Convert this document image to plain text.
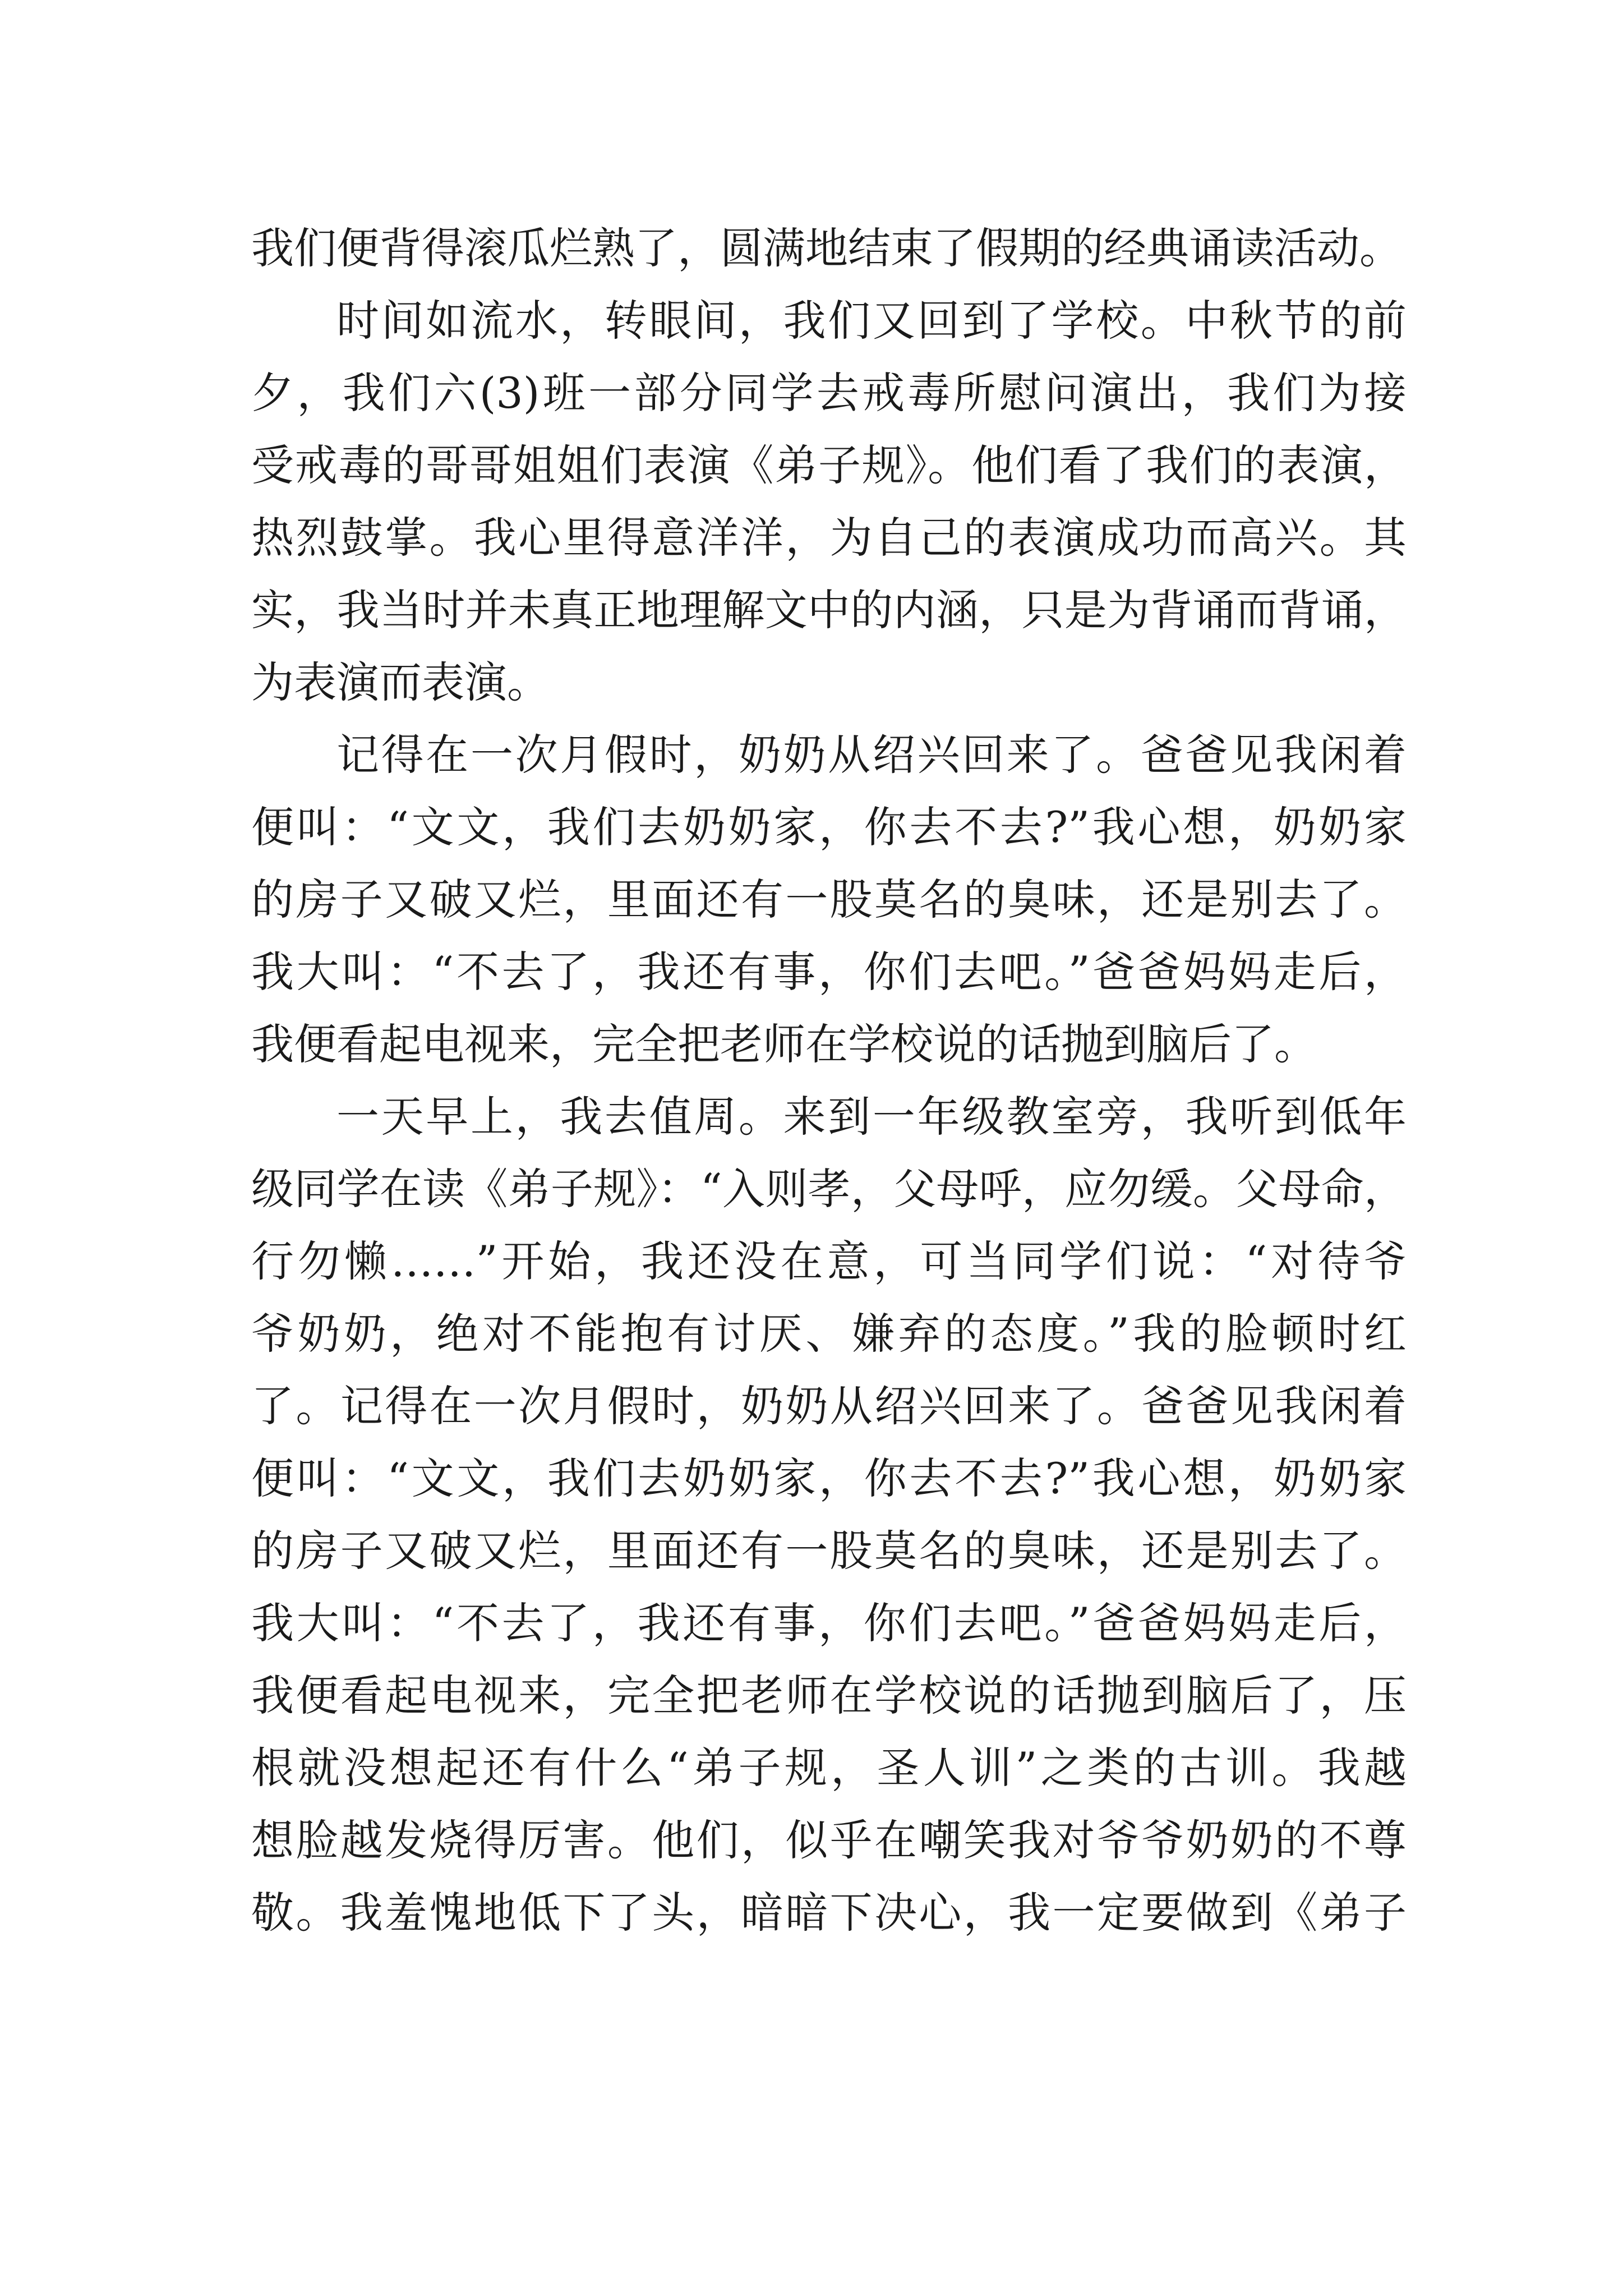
我们便背得滚瓜烂熟了，圆满地结束了假期的经典诵读活动。
时间如流水，转眼间，我们又回到了学校。中秋节的前
夕，我们六(3)班一部分同学去戒毒所慰问演出，我们为接
受戒毒的哥哥姐姐们表演《弟子规》。他们看了我们的表演，
热烈鼓掌。我心里得意洋洋，为自己的表演成功而高兴。其
实，我当时并未真正地理解文中的内涵，只是为背诵而背诵，
为表演而表演。
记得在一次月假时，奶奶从绍兴回来了。爸爸见我闲着
便叫：“文文，我们去奶奶家，你去不去?”我心想，奶奶家
的房子又破又烂，里面还有一股莫名的臭味，还是别去了。
我大叫：“不去了，我还有事，你们去吧。”爸爸妈妈走后，
我便看起电视来，完全把老师在学校说的话抛到脑后了。
一天早上，我去值周。来到一年级教室旁，我听到低年
级同学在读《弟子规》：“入则孝，父母呼，应勿缓。父母命，
行勿懒……”开始，我还没在意，可当同学们说：“对待爷
爷奶奶，绝对不能抱有讨厌、嫌弃的态度。”我的脸顿时红
了。记得在一次月假时，奶奶从绍兴回来了。爸爸见我闲着
便叫：“文文，我们去奶奶家，你去不去?”我心想，奶奶家
的房子又破又烂，里面还有一股莫名的臭味，还是别去了。
我大叫：“不去了，我还有事，你们去吧。”爸爸妈妈走后，
我便看起电视来，完全把老师在学校说的话抛到脑后了，压
根就没想起还有什么“弟子规，圣人训”之类的古训。我越
想脸越发烧得厉害。他们，似乎在嘲笑我对爷爷奶奶的不尊
敬。我羞愧地低下了头，暗暗下决心，我一定要做到《弟子
